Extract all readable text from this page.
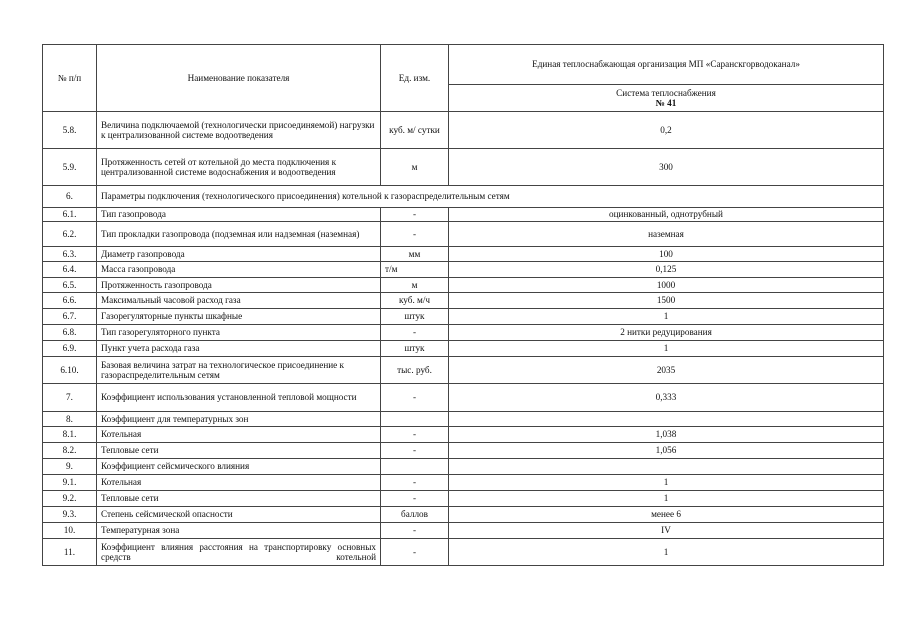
№ п/п	Наименование показателя	Ед. изм.	Единая теплоснабжающая организация МП «Саранскгорводоканал»

			Система теплоснабжения
№ 41

5.8.	Величина подключаемой (технологически присоединяемой) нагрузки к централизованной системе водоотведения	куб. м/ сутки	0,2
5.9.	Протяженность сетей от котельной до места подключения к централизованной системе водоснабжения и водоотведения	м	300
6.	Параметры подключения (технологического присоединения) котельной к газораспределительным сетям		
6.1.	Тип газопровода	-	оцинкованный, однотрубный
6.2.	Тип прокладки газопровода (подземная или надземная (наземная)	-	наземная
6.3.	Диаметр газопровода	мм	100
6.4.	Масса газопровода	т/м	0,125
6.5.	Протяженность газопровода	м	1000
6.6.	Максимальный часовой расход газа	куб. м/ч	1500
6.7.	Газорегуляторные пункты шкафные	штук	1
6.8.	Тип газорегуляторного пункта	-	2 нитки редуцирования
6.9.	Пункт учета расхода газа	штук	1
6.10.	Базовая величина затрат на технологическое присоединение к газораспределительным сетям	тыс. руб.	2035
7.	Коэффициент использования установленной тепловой мощности	-	0,333
8.	Коэффициент для температурных зон		
8.1.	Котельная	-	1,038
8.2.	Тепловые сети	-	1,056
9.	Коэффициент сейсмического влияния		
9.1.	Котельная	-	1
9.2.	Тепловые сети	-	1
9.3.	Степень сейсмической опасности	баллов	менее 6
10.	Температурная зона	-	IV
11.	Коэффициент влияния расстояния на транспортировку основных средств котельной	-	1
